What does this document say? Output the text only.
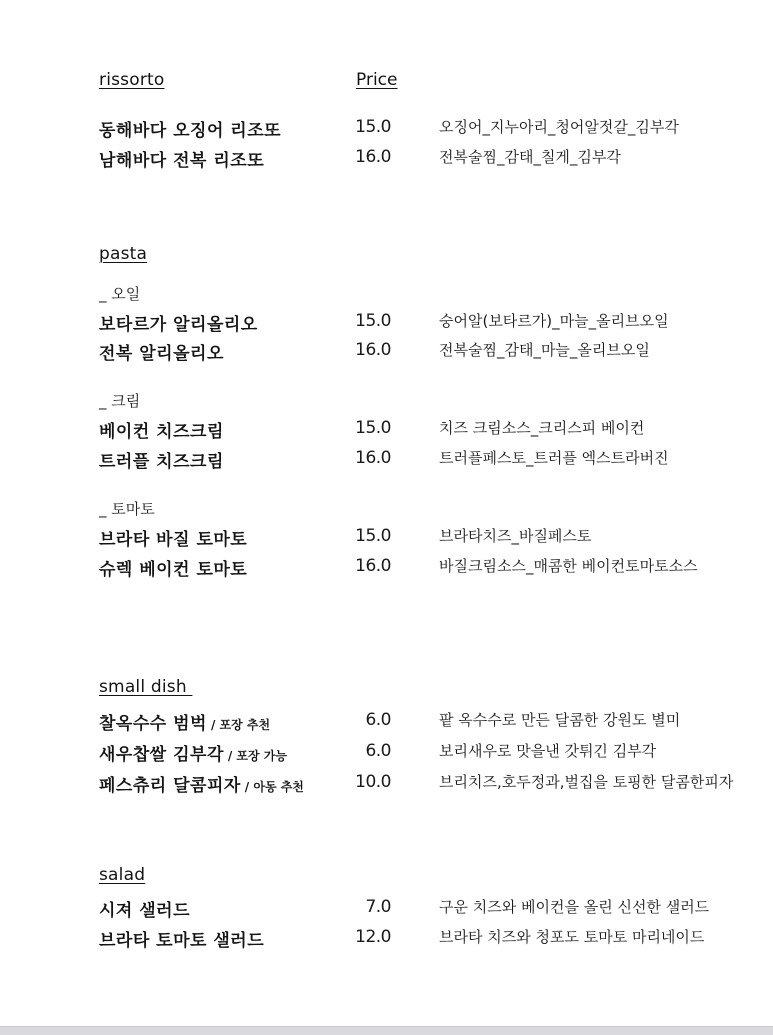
rissorto	Price
동해바다 오징어 리조또	15.0	오징어_지누아리_청어알젓갈_김부각
남해바다 전복 리조또	16.0	전복술찜_감태_칠게_김부각
pasta
_ 오일
보타르가 알리올리오	15.0	숭어알(보타르가)_마늘_올리브오일
전복 알리올리오	16.0	전복술찜_감태_마늘_올리브오일
_ 크림
베이컨 치즈크림	15.0	치즈 크림소스_크리스피 베이컨
트러플 치즈크림	16.0	트러플페스토_트러플 엑스트라버진
_ 토마토
브라타 바질 토마토	15.0	브라타치즈_바질페스토
슈렉 베이컨 토마토	16.0	바질크림소스_매콤한 베이컨토마토소스
small dish
찰옥수수 범벅 / 포장 추천	6.0	팥 옥수수로 만든 달콤한 강원도 별미
새우찹쌀 김부각 / 포장 가능	6.0	보리새우로 맛을낸 갓튀긴 김부각
페스츄리 달콤피자 / 아동 추천	10.0	브리치즈,호두정과,벌집을 토핑한 달콤한피자
salad
시져 샐러드	7.0	구운 치즈와 베이컨을 올린 신선한 샐러드
브라타 토마토 샐러드	12.0	브라타 치즈와 청포도 토마토 마리네이드
